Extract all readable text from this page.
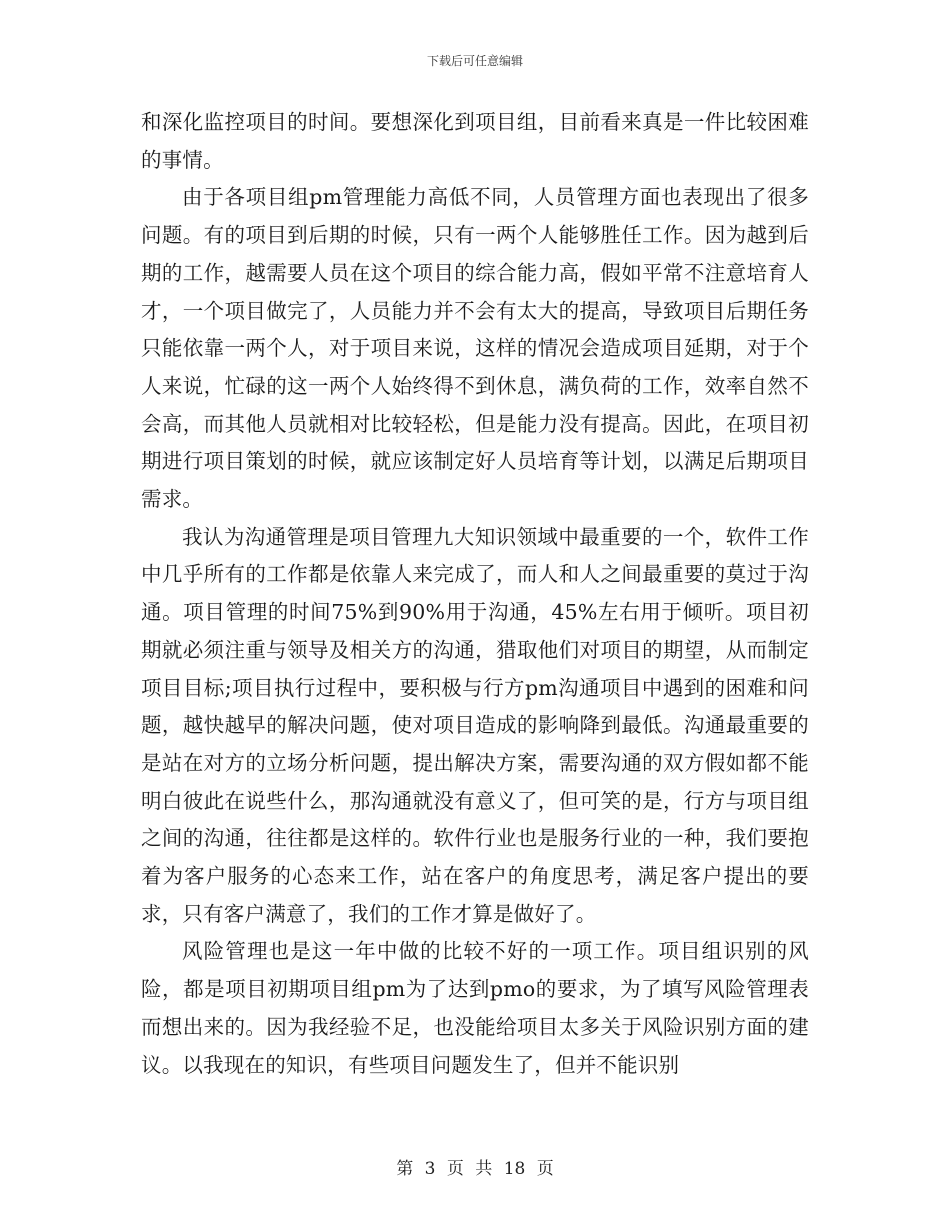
下载后可任意编辑

和深化监控项目的时间。要想深化到项目组，目前看来真是一件比较困难的事情。

由于各项目组pm管理能力高低不同，人员管理方面也表现出了很多问题。有的项目到后期的时候，只有一两个人能够胜任工作。因为越到后期的工作，越需要人员在这个项目的综合能力高，假如平常不注意培育人才，一个项目做完了，人员能力并不会有太大的提高，导致项目后期任务只能依靠一两个人，对于项目来说，这样的情况会造成项目延期，对于个人来说，忙碌的这一两个人始终得不到休息，满负荷的工作，效率自然不会高，而其他人员就相对比较轻松，但是能力没有提高。因此，在项目初期进行项目策划的时候，就应该制定好人员培育等计划，以满足后期项目需求。

我认为沟通管理是项目管理九大知识领域中最重要的一个，软件工作中几乎所有的工作都是依靠人来完成了，而人和人之间最重要的莫过于沟通。项目管理的时间75%到90%用于沟通，45%左右用于倾听。项目初期就必须注重与领导及相关方的沟通，猎取他们对项目的期望，从而制定项目目标;项目执行过程中，要积极与行方pm沟通项目中遇到的困难和问题，越快越早的解决问题，使对项目造成的影响降到最低。沟通最重要的是站在对方的立场分析问题，提出解决方案，需要沟通的双方假如都不能明白彼此在说些什么，那沟通就没有意义了，但可笑的是，行方与项目组之间的沟通，往往都是这样的。软件行业也是服务行业的一种，我们要抱着为客户服务的心态来工作，站在客户的角度思考，满足客户提出的要求，只有客户满意了，我们的工作才算是做好了。

风险管理也是这一年中做的比较不好的一项工作。项目组识别的风险，都是项目初期项目组pm为了达到pmo的要求，为了填写风险管理表而想出来的。因为我经验不足，也没能给项目太多关于风险识别方面的建议。以我现在的知识，有些项目问题发生了，但并不能识别

第 3 页 共 18 页
